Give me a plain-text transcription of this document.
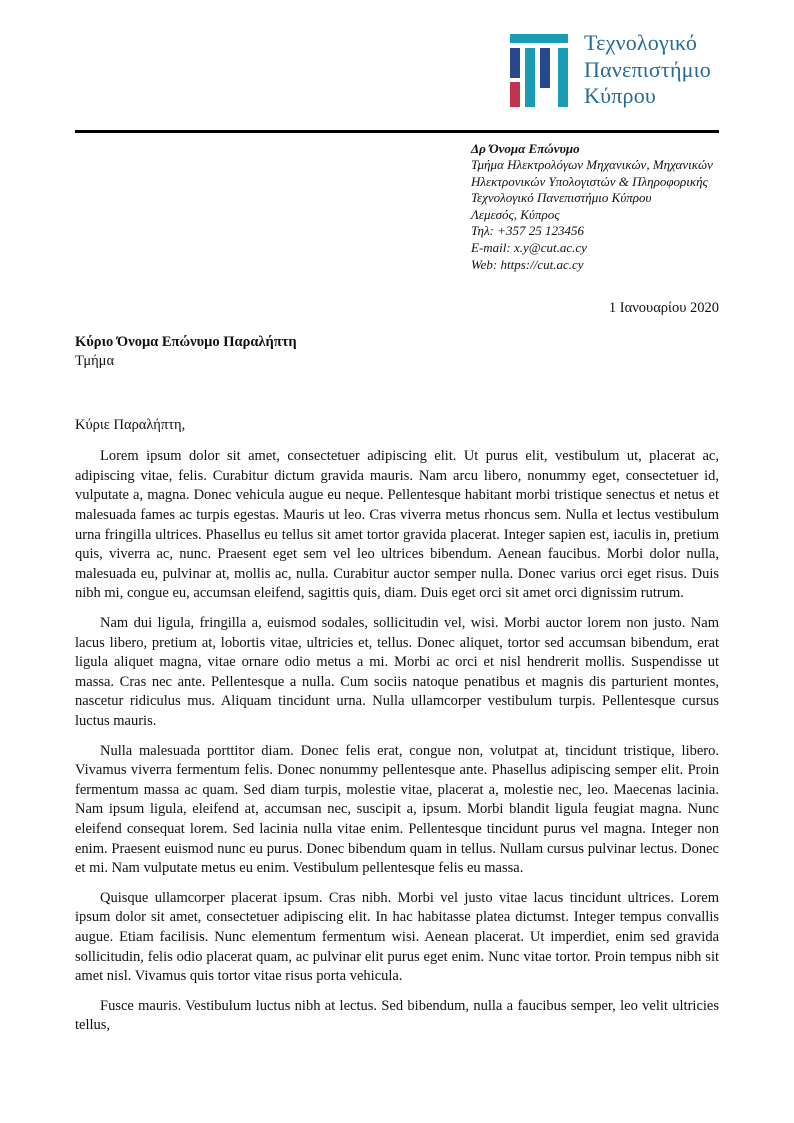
Τεχνολογικό
Πανεπιστήμιο
Κύπρου
Δρ Όνομα Επώνυμο
Τμήμα Ηλεκτρολόγων Μηχανικών, Μηχανικών
Ηλεκτρονικών Υπολογιστών & Πληροφορικής
Τεχνολογικό Πανεπιστήμιο Κύπρου
Λεμεσός, Κύπρος
Τηλ: +357 25 123456
E-mail: x.y@cut.ac.cy
Web: https://cut.ac.cy
1 Ιανουαρίου 2020
Κύριο Όνομα Επώνυμο Παραλήπτη
Τμήμα
Κύριε Παραλήπτη,

Lorem ipsum dolor sit amet, consectetuer adipiscing elit. Ut purus elit, vestibulum ut, placerat ac, adipiscing vitae, felis. Curabitur dictum gravida mauris. Nam arcu libero, nonummy eget, consectetuer id, vulputate a, magna. Donec vehicula augue eu neque. Pellentesque habitant morbi tristique senectus et netus et malesuada fames ac turpis egestas. Mauris ut leo. Cras viverra metus rhoncus sem. Nulla et lectus vestibulum urna fringilla ultrices. Phasellus eu tellus sit amet tortor gravida placerat. Integer sapien est, iaculis in, pretium quis, viverra ac, nunc. Praesent eget sem vel leo ultrices bibendum. Aenean faucibus. Morbi dolor nulla, malesuada eu, pulvinar at, mollis ac, nulla. Curabitur auctor semper nulla. Donec varius orci eget risus. Duis nibh mi, congue eu, accumsan eleifend, sagittis quis, diam. Duis eget orci sit amet orci dignissim rutrum.

Nam dui ligula, fringilla a, euismod sodales, sollicitudin vel, wisi. Morbi auctor lorem non justo. Nam lacus libero, pretium at, lobortis vitae, ultricies et, tellus. Donec aliquet, tortor sed accumsan bibendum, erat ligula aliquet magna, vitae ornare odio metus a mi. Morbi ac orci et nisl hendrerit mollis. Suspendisse ut massa. Cras nec ante. Pellentesque a nulla. Cum sociis natoque penatibus et magnis dis parturient montes, nascetur ridiculus mus. Aliquam tincidunt urna. Nulla ullamcorper vestibulum turpis. Pellentesque cursus luctus mauris.

Nulla malesuada porttitor diam. Donec felis erat, congue non, volutpat at, tincidunt tristique, libero. Vivamus viverra fermentum felis. Donec nonummy pellentesque ante. Phasellus adipiscing semper elit. Proin fermentum massa ac quam. Sed diam turpis, molestie vitae, placerat a, molestie nec, leo. Maecenas lacinia. Nam ipsum ligula, eleifend at, accumsan nec, suscipit a, ipsum. Morbi blandit ligula feugiat magna. Nunc eleifend consequat lorem. Sed lacinia nulla vitae enim. Pellentesque tincidunt purus vel magna. Integer non enim. Praesent euismod nunc eu purus. Donec bibendum quam in tellus. Nullam cursus pulvinar lectus. Donec et mi. Nam vulputate metus eu enim. Vestibulum pellentesque felis eu massa.

Quisque ullamcorper placerat ipsum. Cras nibh. Morbi vel justo vitae lacus tincidunt ultrices. Lorem ipsum dolor sit amet, consectetuer adipiscing elit. In hac habitasse platea dictumst. Integer tempus convallis augue. Etiam facilisis. Nunc elementum fermentum wisi. Aenean placerat. Ut imperdiet, enim sed gravida sollicitudin, felis odio placerat quam, ac pulvinar elit purus eget enim. Nunc vitae tortor. Proin tempus nibh sit amet nisl. Vivamus quis tortor vitae risus porta vehicula.

Fusce mauris. Vestibulum luctus nibh at lectus. Sed bibendum, nulla a faucibus semper, leo velit ultricies tellus,
